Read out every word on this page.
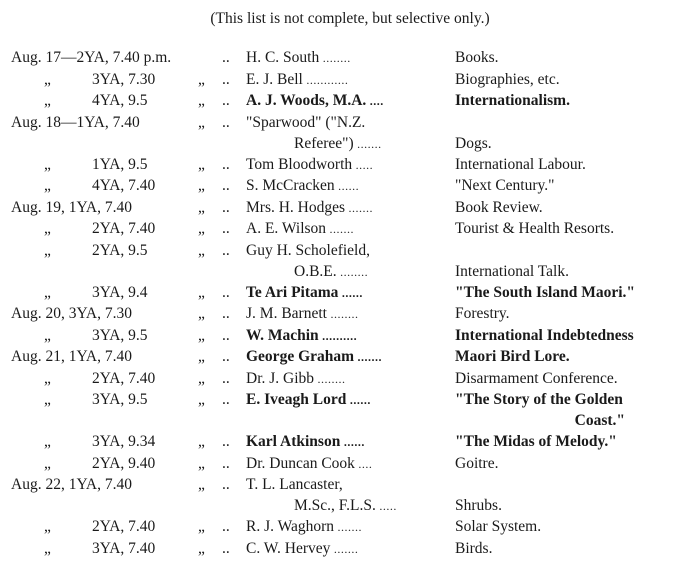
(This list is not complete, but selective only.)
Aug. 17—2YA, 7.40 p.m.	.. H. C. South ........	Books.
„	3YA, 7.30	„ .. E. J. Bell ............	Biographies, etc.
„	4YA, 9.5	„ .. A. J. Woods, M.A. ....	Internationalism.
Aug. 18—1YA, 7.40	„ .. "Sparwood" ("N.Z.
Referee") .......	Dogs.
„	1YA, 9.5	„ .. Tom Bloodworth .....	International Labour.
„	4YA, 7.40	„ .. S. McCracken ......	"Next Century."
Aug. 19, 1YA, 7.40	„ .. Mrs. H. Hodges .......	Book Review.
„	2YA, 7.40	„ .. A. E. Wilson .......	Tourist & Health Resorts.
„	2YA, 9.5	„ .. Guy H. Scholefield,
O.B.E. ........	International Talk.
„	3YA, 9.4	„ .. Te Ari Pitama ......	"The South Island Maori."
Aug. 20, 3YA, 7.30	„ .. J. M. Barnett ........	Forestry.
„	3YA, 9.5	„ .. W. Machin ..........	International Indebtedness
Aug. 21, 1YA, 7.40	„ .. George Graham .......	Maori Bird Lore.
„	2YA, 7.40	„ .. Dr. J. Gibb ........	Disarmament Conference.
„	3YA, 9.5	„ .. E. Iveagh Lord ......	"The Story of the Golden
Coast."
„	3YA, 9.34	„ .. Karl Atkinson ......	"The Midas of Melody."
„	2YA, 9.40	„ .. Dr. Duncan Cook ....	Goitre.
Aug. 22, 1YA, 7.40	„ .. T. L. Lancaster,
M.Sc., F.L.S. .....	Shrubs.
„	2YA, 7.40	„ .. R. J. Waghorn .......	Solar System.
„	3YA, 7.40	„ .. C. W. Hervey .......	Birds.
